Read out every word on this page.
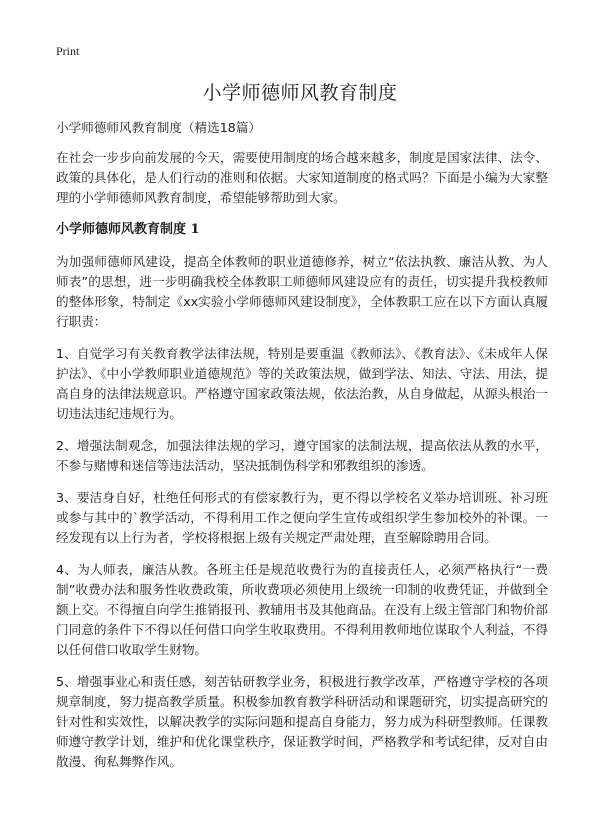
Print
小学师德师风教育制度

小学师德师风教育制度（精选18篇）

在社会一步步向前发展的今天，需要使用制度的场合越来越多，制度是国家法律、法令、政策的具体化，是人们行动的准则和依据。大家知道制度的格式吗？下面是小编为大家整理的小学师德师风教育制度，希望能够帮助到大家。

小学师德师风教育制度 1

为加强师德师风建设，提高全体教师的职业道德修养，树立“依法执教、廉洁从教、为人师表”的思想，进一步明确我校全体教职工师德师风建设应有的责任，切实提升我校教师的整体形象，特制定《xx实验小学师德师风建设制度》，全体教职工应在以下方面认真履行职责：

1、自觉学习有关教育教学法律法规，特别是要重温《教师法》、《教育法》、《未成年人保护法》、《中小学教师职业道德规范》等的关政策法规，做到学法、知法、守法、用法，提高自身的法律法规意识。严格遵守国家政策法规，依法治教，从自身做起，从源头根治一切违法违纪违规行为。

2、增强法制观念，加强法律法规的学习，遵守国家的法制法规，提高依法从教的水平，不参与赌博和迷信等违法活动，坚决抵制伪科学和邪教组织的渗透。

3、要洁身自好，杜绝任何形式的有偿家教行为，更不得以学校名义举办培训班、补习班或参与其中的`教学活动，不得利用工作之便向学生宣传或组织学生参加校外的补课。一经发现有以上行为者，学校将根据上级有关规定严肃处理，直至解除聘用合同。

4、为人师表，廉洁从教。各班主任是规范收费行为的直接责任人，必须严格执行“一费制”收费办法和服务性收费政策，所收费项必须使用上级统一印制的收费凭证，并做到全额上交。不得擅自向学生推销报刊、教辅用书及其他商品。在没有上级主管部门和物价部门同意的条件下不得以任何借口向学生收取费用。不得利用教师地位谋取个人利益，不得以任何借口收取学生财物。

5、增强事业心和责任感，刻苦钻研教学业务，积极进行教学改革，严格遵守学校的各项规章制度，努力提高教学质量。积极参加教育教学科研活动和课题研究，切实提高研究的针对性和实效性，以解决教学的实际问题和提高自身能力，努力成为科研型教师。任课教师遵守教学计划，维护和优化课堂秩序，保证教学时间，严格教学和考试纪律，反对自由散漫、徇私舞弊作风。
